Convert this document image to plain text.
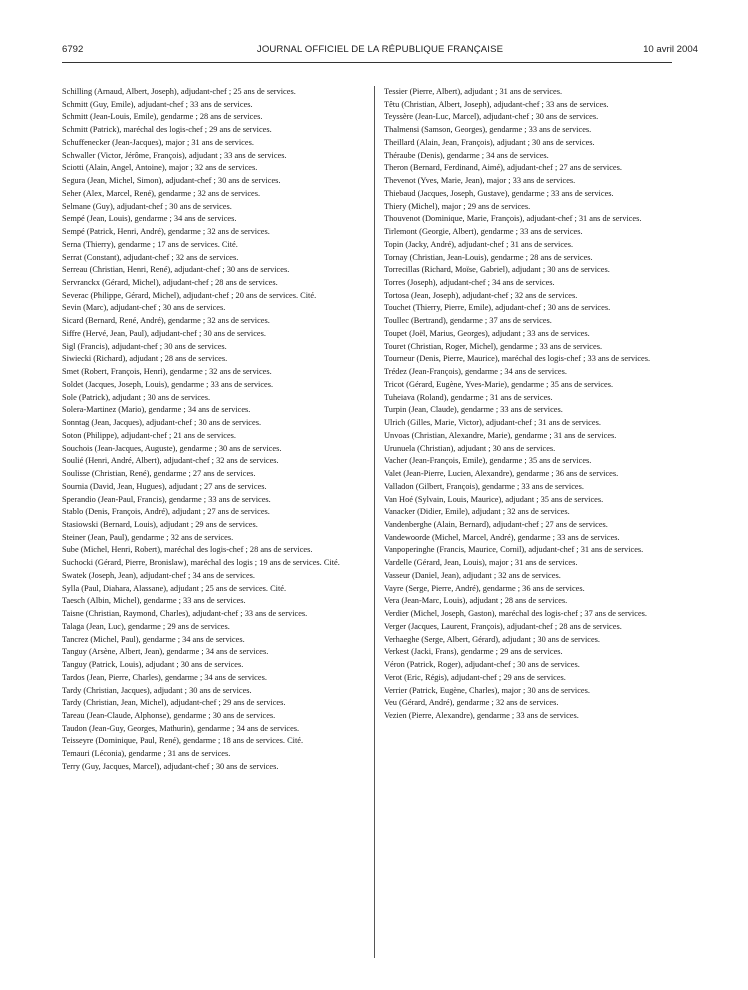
6792	JOURNAL OFFICIEL DE LA RÉPUBLIQUE FRANÇAISE	10 avril 2004
Schilling (Arnaud, Albert, Joseph), adjudant-chef ; 25 ans de services.
Schmitt (Guy, Emile), adjudant-chef ; 33 ans de services.
Schmitt (Jean-Louis, Emile), gendarme ; 28 ans de services.
Schmitt (Patrick), maréchal des logis-chef ; 29 ans de services.
Schuffenecker (Jean-Jacques), major ; 31 ans de services.
Schwaller (Victor, Jérôme, François), adjudant ; 33 ans de services.
Sciotti (Alain, Angel, Antoine), major ; 32 ans de services.
Segura (Jean, Michel, Simon), adjudant-chef ; 30 ans de services.
Seher (Alex, Marcel, René), gendarme ; 32 ans de services.
Selmane (Guy), adjudant-chef ; 30 ans de services.
Sempé (Jean, Louis), gendarme ; 34 ans de services.
Sempé (Patrick, Henri, André), gendarme ; 32 ans de services.
Serna (Thierry), gendarme ; 17 ans de services. Cité.
Serrat (Constant), adjudant-chef ; 32 ans de services.
Serreau (Christian, Henri, René), adjudant-chef ; 30 ans de services.
Servranckx (Gérard, Michel), adjudant-chef ; 28 ans de services.
Severac (Philippe, Gérard, Michel), adjudant-chef ; 20 ans de services. Cité.
Sevin (Marc), adjudant-chef ; 30 ans de services.
Sicard (Bernard, René, André), gendarme ; 32 ans de services.
Siffre (Hervé, Jean, Paul), adjudant-chef ; 30 ans de services.
Sigl (Francis), adjudant-chef ; 30 ans de services.
Siwiecki (Richard), adjudant ; 28 ans de services.
Smet (Robert, François, Henri), gendarme ; 32 ans de services.
Soldet (Jacques, Joseph, Louis), gendarme ; 33 ans de services.
Sole (Patrick), adjudant ; 30 ans de services.
Solera-Martinez (Mario), gendarme ; 34 ans de services.
Sonntag (Jean, Jacques), adjudant-chef ; 30 ans de services.
Soton (Philippe), adjudant-chef ; 21 ans de services.
Souchois (Jean-Jacques, Auguste), gendarme ; 30 ans de services.
Soulié (Henri, André, Albert), adjudant-chef ; 32 ans de services.
Soulisse (Christian, René), gendarme ; 27 ans de services.
Sournia (David, Jean, Hugues), adjudant ; 27 ans de services.
Sperandio (Jean-Paul, Francis), gendarme ; 33 ans de services.
Stablo (Denis, François, André), adjudant ; 27 ans de services.
Stasiowski (Bernard, Louis), adjudant ; 29 ans de services.
Steiner (Jean, Paul), gendarme ; 32 ans de services.
Sube (Michel, Henri, Robert), maréchal des logis-chef ; 28 ans de services.
Suchocki (Gérard, Pierre, Bronislaw), maréchal des logis ; 19 ans de services. Cité.
Swatek (Joseph, Jean), adjudant-chef ; 34 ans de services.
Sylla (Paul, Diahara, Alassane), adjudant ; 25 ans de services. Cité.
Taesch (Albin, Michel), gendarme ; 33 ans de services.
Taisne (Christian, Raymond, Charles), adjudant-chef ; 33 ans de services.
Talaga (Jean, Luc), gendarme ; 29 ans de services.
Tancrez (Michel, Paul), gendarme ; 34 ans de services.
Tanguy (Arsène, Albert, Jean), gendarme ; 34 ans de services.
Tanguy (Patrick, Louis), adjudant ; 30 ans de services.
Tardos (Jean, Pierre, Charles), gendarme ; 34 ans de services.
Tardy (Christian, Jacques), adjudant ; 30 ans de services.
Tardy (Christian, Jean, Michel), adjudant-chef ; 29 ans de services.
Tareau (Jean-Claude, Alphonse), gendarme ; 30 ans de services.
Taudon (Jean-Guy, Georges, Mathurin), gendarme ; 34 ans de services.
Teisseyre (Dominique, Paul, René), gendarme ; 18 ans de services. Cité.
Temauri (Léconia), gendarme ; 31 ans de services.
Terry (Guy, Jacques, Marcel), adjudant-chef ; 30 ans de services.
Tessier (Pierre, Albert), adjudant ; 31 ans de services.
Têtu (Christian, Albert, Joseph), adjudant-chef ; 33 ans de services.
Teyssère (Jean-Luc, Marcel), adjudant-chef ; 30 ans de services.
Thalmensi (Samson, Georges), gendarme ; 33 ans de services.
Theillard (Alain, Jean, François), adjudant ; 30 ans de services.
Théraube (Denis), gendarme ; 34 ans de services.
Theron (Bernard, Ferdinand, Aimé), adjudant-chef ; 27 ans de services.
Thevenot (Yves, Marie, Jean), major ; 33 ans de services.
Thiebaud (Jacques, Joseph, Gustave), gendarme ; 33 ans de services.
Thiery (Michel), major ; 29 ans de services.
Thouvenot (Dominique, Marie, François), adjudant-chef ; 31 ans de services.
Tirlemont (Georgie, Albert), gendarme ; 33 ans de services.
Topin (Jacky, André), adjudant-chef ; 31 ans de services.
Tornay (Christian, Jean-Louis), gendarme ; 28 ans de services.
Torrecillas (Richard, Moïse, Gabriel), adjudant ; 30 ans de services.
Torres (Joseph), adjudant-chef ; 34 ans de services.
Tortosa (Jean, Joseph), adjudant-chef ; 32 ans de services.
Touchet (Thierry, Pierre, Emile), adjudant-chef ; 30 ans de services.
Toullec (Bertrand), gendarme ; 37 ans de services.
Toupet (Joël, Marius, Georges), adjudant ; 33 ans de services.
Touret (Christian, Roger, Michel), gendarme ; 33 ans de services.
Tourneur (Denis, Pierre, Maurice), maréchal des logis-chef ; 33 ans de services.
Trédez (Jean-François), gendarme ; 34 ans de services.
Tricot (Gérard, Eugène, Yves-Marie), gendarme ; 35 ans de services.
Tuheiava (Roland), gendarme ; 31 ans de services.
Turpin (Jean, Claude), gendarme ; 33 ans de services.
Ulrich (Gilles, Marie, Victor), adjudant-chef ; 31 ans de services.
Unvoas (Christian, Alexandre, Marie), gendarme ; 31 ans de services.
Urunuela (Christian), adjudant ; 30 ans de services.
Vacher (Jean-François, Emile), gendarme ; 35 ans de services.
Valet (Jean-Pierre, Lucien, Alexandre), gendarme ; 36 ans de services.
Valladon (Gilbert, François), gendarme ; 33 ans de services.
Van Hoé (Sylvain, Louis, Maurice), adjudant ; 35 ans de services.
Vanacker (Didier, Emile), adjudant ; 32 ans de services.
Vandenberghe (Alain, Bernard), adjudant-chef ; 27 ans de services.
Vandewoorde (Michel, Marcel, André), gendarme ; 33 ans de services.
Vanpoperinghe (Francis, Maurice, Cornil), adjudant-chef ; 31 ans de services.
Vardelle (Gérard, Jean, Louis), major ; 31 ans de services.
Vasseur (Daniel, Jean), adjudant ; 32 ans de services.
Vayre (Serge, Pierre, André), gendarme ; 36 ans de services.
Vera (Jean-Marc, Louis), adjudant ; 28 ans de services.
Verdier (Michel, Joseph, Gaston), maréchal des logis-chef ; 37 ans de services.
Verger (Jacques, Laurent, François), adjudant-chef ; 28 ans de services.
Verhaeghe (Serge, Albert, Gérard), adjudant ; 30 ans de services.
Verkest (Jacki, Frans), gendarme ; 29 ans de services.
Véron (Patrick, Roger), adjudant-chef ; 30 ans de services.
Verot (Eric, Régis), adjudant-chef ; 29 ans de services.
Verrier (Patrick, Eugène, Charles), major ; 30 ans de services.
Veu (Gérard, André), gendarme ; 32 ans de services.
Vezien (Pierre, Alexandre), gendarme ; 33 ans de services.
